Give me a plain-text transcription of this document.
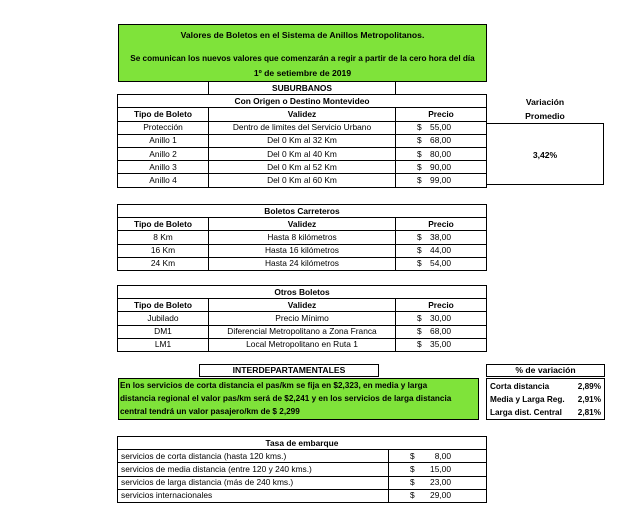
Valores de Boletos en el Sistema de Anillos Metropolitanos.
Se comunican los nuevos valores que comenzarán a regir a partir de la cero hora del día
1º de setiembre de 2019
	SUBURBANOS	
Con Origen o Destino Montevideo		
Tipo de Boleto	Validez	Precio
Protección	Dentro de limites del Servicio Urbano	$ 55,00

Anillo 1	Del 0 Km al 32 Km	$ 68,00

Anillo 2	Del 0 Km al 40 Km	$ 80,00

Anillo 3	Del 0 Km al 52 Km	$ 90,00

Anillo 4	Del 0 Km al 60 Km	$ 99,00
Variación
Promedio
3,42%
Boletos Carreteros		
Tipo de Boleto	Validez	Precio
8 Km	Hasta 8 kilómetros	$ 38,00

16 Km	Hasta 16 kilómetros	$ 44,00

24 Km	Hasta 24 kilómetros	$ 54,00
Otros Boletos		
Tipo de Boleto	Validez	Precio
Jubilado	Precio Mínimo	$ 30,00

DM1	Diferencial Metropolitano a Zona Franca	$ 68,00

LM1	Local Metropolitano en Ruta 1	$ 35,00
INTERDEPARTAMENTALES
En los servicios de corta distancia el pas/km se fija en $2,323, en media y larga
distancia regional el valor pas/km será de $2,241 y en los servicios de larga distancia
central tendrá un valor pasajero/km de $ 2,299
% de variación
Corta distancia	2,89%
Media y Larga Reg. 2,91%
Larga dist. Central 2,81%
Tasa de embarque	
servicios de corta distancia (hasta 120 kms.)	$ 8,00

servicios de media distancia (entre 120 y 240 kms.)	$ 15,00

servicios de larga distancia (más de 240 kms.)	$ 23,00

servicios internacionales	$ 29,00
